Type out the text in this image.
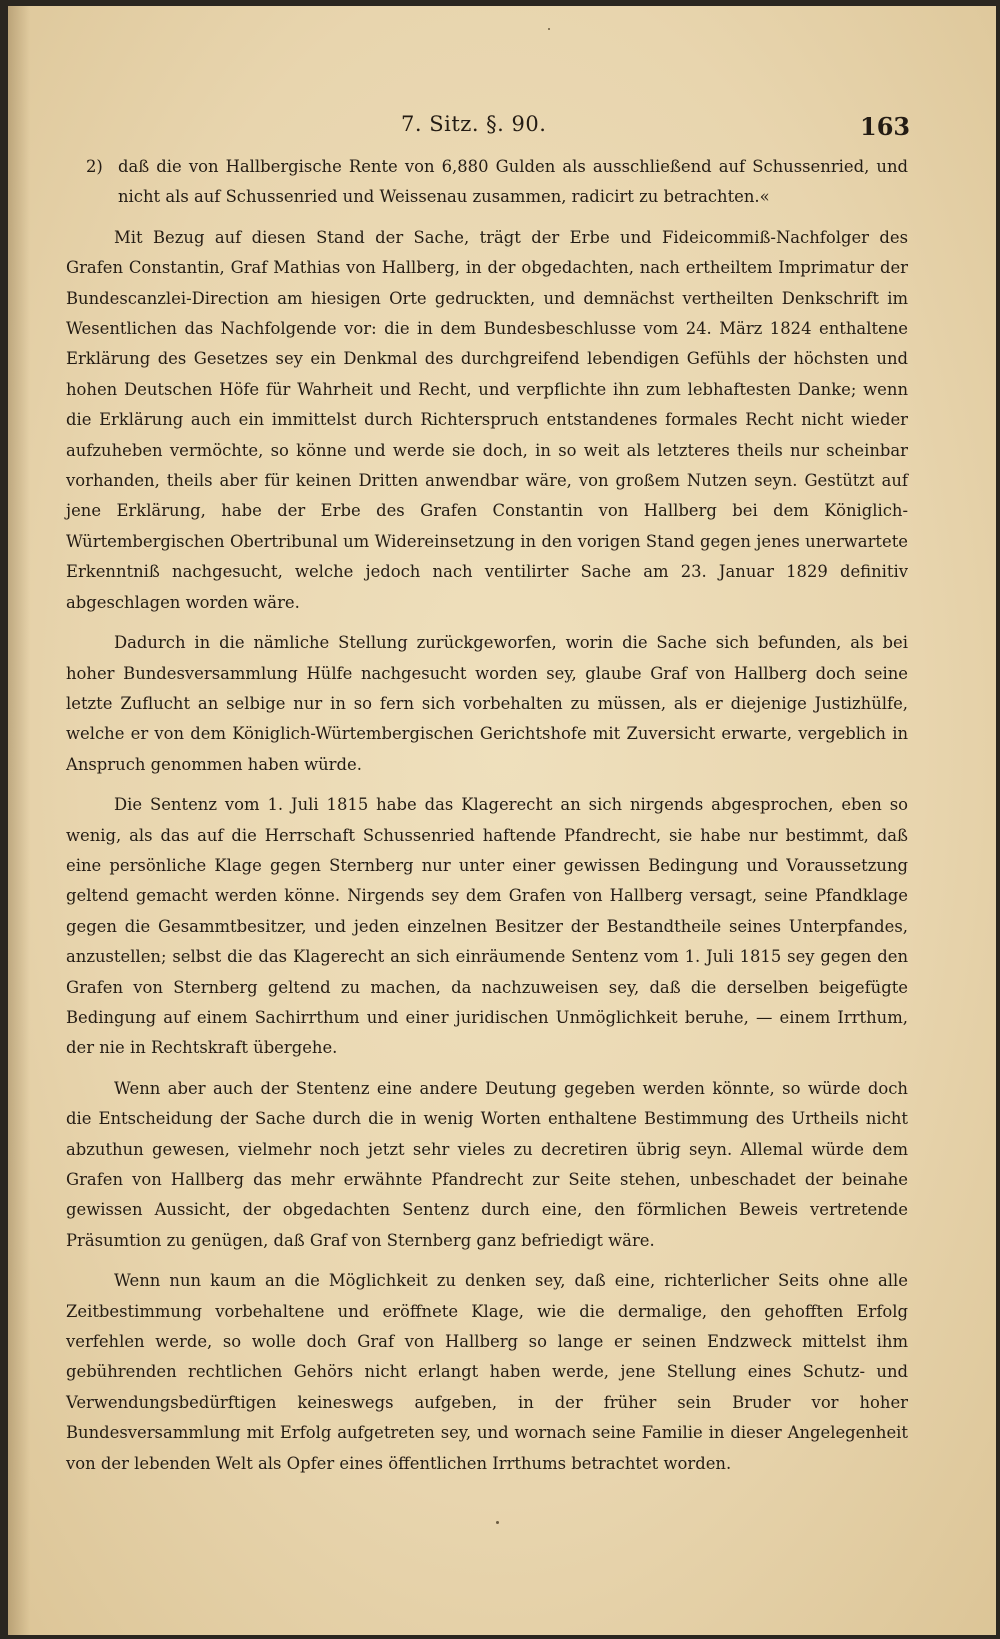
7. Sitz. §. 90.	163

2) daß die von Hallbergische Rente von 6,880 Gulden als ausschließend auf Schussenried, und nicht als auf Schussenried und Weissenau zusammen, radicirt zu betrachten.«

Mit Bezug auf diesen Stand der Sache, trägt der Erbe und Fideicommiß-Nachfolger des Grafen Constantin, Graf Mathias von Hallberg, in der obgedachten, nach ertheiltem Imprimatur der Bundescanzlei-Direction am hiesigen Orte gedruckten, und demnächst vertheilten Denkschrift im Wesentlichen das Nachfolgende vor: die in dem Bundesbeschlusse vom 24. März 1824 enthaltene Erklärung des Gesetzes sey ein Denkmal des durchgreifend lebendigen Gefühls der höchsten und hohen Deutschen Höfe für Wahrheit und Recht, und verpflichte ihn zum lebhaftesten Danke; wenn die Erklärung auch ein immittelst durch Richterspruch entstandenes formales Recht nicht wieder aufzuheben vermöchte, so könne und werde sie doch, in so weit als letzteres theils nur scheinbar vorhanden, theils aber für keinen Dritten anwendbar wäre, von großem Nutzen seyn. Gestützt auf jene Erklärung, habe der Erbe des Grafen Constantin von Hallberg bei dem Königlich-Würtembergischen Obertribunal um Widereinsetzung in den vorigen Stand gegen jenes unerwartete Erkenntniß nachgesucht, welche jedoch nach ventilirter Sache am 23. Januar 1829 definitiv abgeschlagen worden wäre.

Dadurch in die nämliche Stellung zurückgeworfen, worin die Sache sich befunden, als bei hoher Bundesversammlung Hülfe nachgesucht worden sey, glaube Graf von Hallberg doch seine letzte Zuflucht an selbige nur in so fern sich vorbehalten zu müssen, als er diejenige Justizhülfe, welche er von dem Königlich-Würtembergischen Gerichtshofe mit Zuversicht erwarte, vergeblich in Anspruch genommen haben würde.

Die Sentenz vom 1. Juli 1815 habe das Klagerecht an sich nirgends abgesprochen, eben so wenig, als das auf die Herrschaft Schussenried haftende Pfandrecht, sie habe nur bestimmt, daß eine persönliche Klage gegen Sternberg nur unter einer gewissen Bedingung und Voraussetzung geltend gemacht werden könne. Nirgends sey dem Grafen von Hallberg versagt, seine Pfandklage gegen die Gesammtbesitzer, und jeden einzelnen Besitzer der Bestandtheile seines Unterpfandes, anzustellen; selbst die das Klagerecht an sich einräumende Sentenz vom 1. Juli 1815 sey gegen den Grafen von Sternberg geltend zu machen, da nachzuweisen sey, daß die derselben beigefügte Bedingung auf einem Sachirrthum und einer juridischen Unmöglichkeit beruhe, — einem Irrthum, der nie in Rechtskraft übergehe.

Wenn aber auch der Stentenz eine andere Deutung gegeben werden könnte, so würde doch die Entscheidung der Sache durch die in wenig Worten enthaltene Bestimmung des Urtheils nicht abzuthun gewesen, vielmehr noch jetzt sehr vieles zu decretiren übrig seyn. Allemal würde dem Grafen von Hallberg das mehr erwähnte Pfandrecht zur Seite stehen, unbeschadet der beinahe gewissen Aussicht, der obgedachten Sentenz durch eine, den förmlichen Beweis vertretende Präsumtion zu genügen, daß Graf von Sternberg ganz befriedigt wäre.

Wenn nun kaum an die Möglichkeit zu denken sey, daß eine, richterlicher Seits ohne alle Zeitbestimmung vorbehaltene und eröffnete Klage, wie die dermalige, den gehofften Erfolg verfehlen werde, so wolle doch Graf von Hallberg so lange er seinen Endzweck mittelst ihm gebührenden rechtlichen Gehörs nicht erlangt haben werde, jene Stellung eines Schutz- und Verwendungsbedürftigen keineswegs aufgeben, in der früher sein Bruder vor hoher Bundesversammlung mit Erfolg aufgetreten sey, und wornach seine Familie in dieser Angelegenheit von der lebenden Welt als Opfer eines öffentlichen Irrthums betrachtet worden.
